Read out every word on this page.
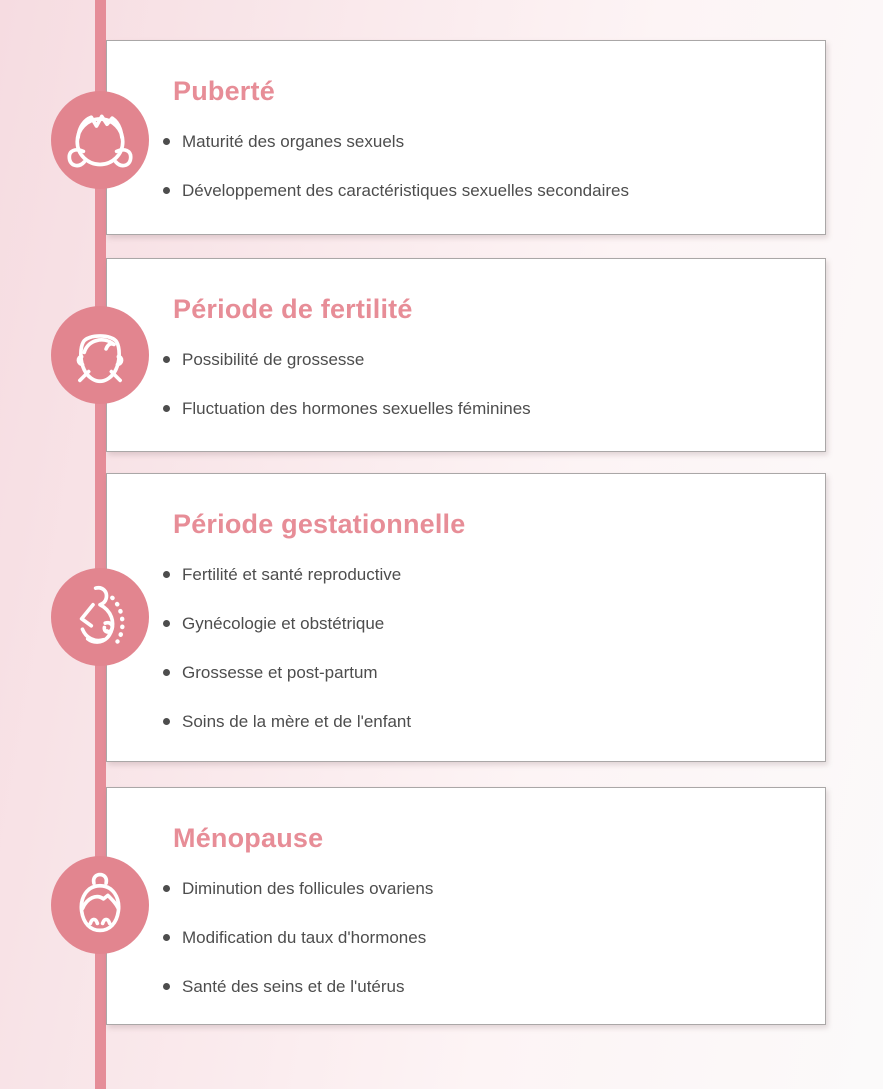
Puberté
Maturité des organes sexuels
Développement des caractéristiques sexuelles secondaires
Période de fertilité
Possibilité de grossesse
Fluctuation des hormones sexuelles féminines
Période gestationnelle
Fertilité et santé reproductive
Gynécologie et obstétrique
Grossesse et post-partum
Soins de la mère et de l'enfant
Ménopause
Diminution des follicules ovariens
Modification du taux d'hormones
Santé des seins et de l'utérus
